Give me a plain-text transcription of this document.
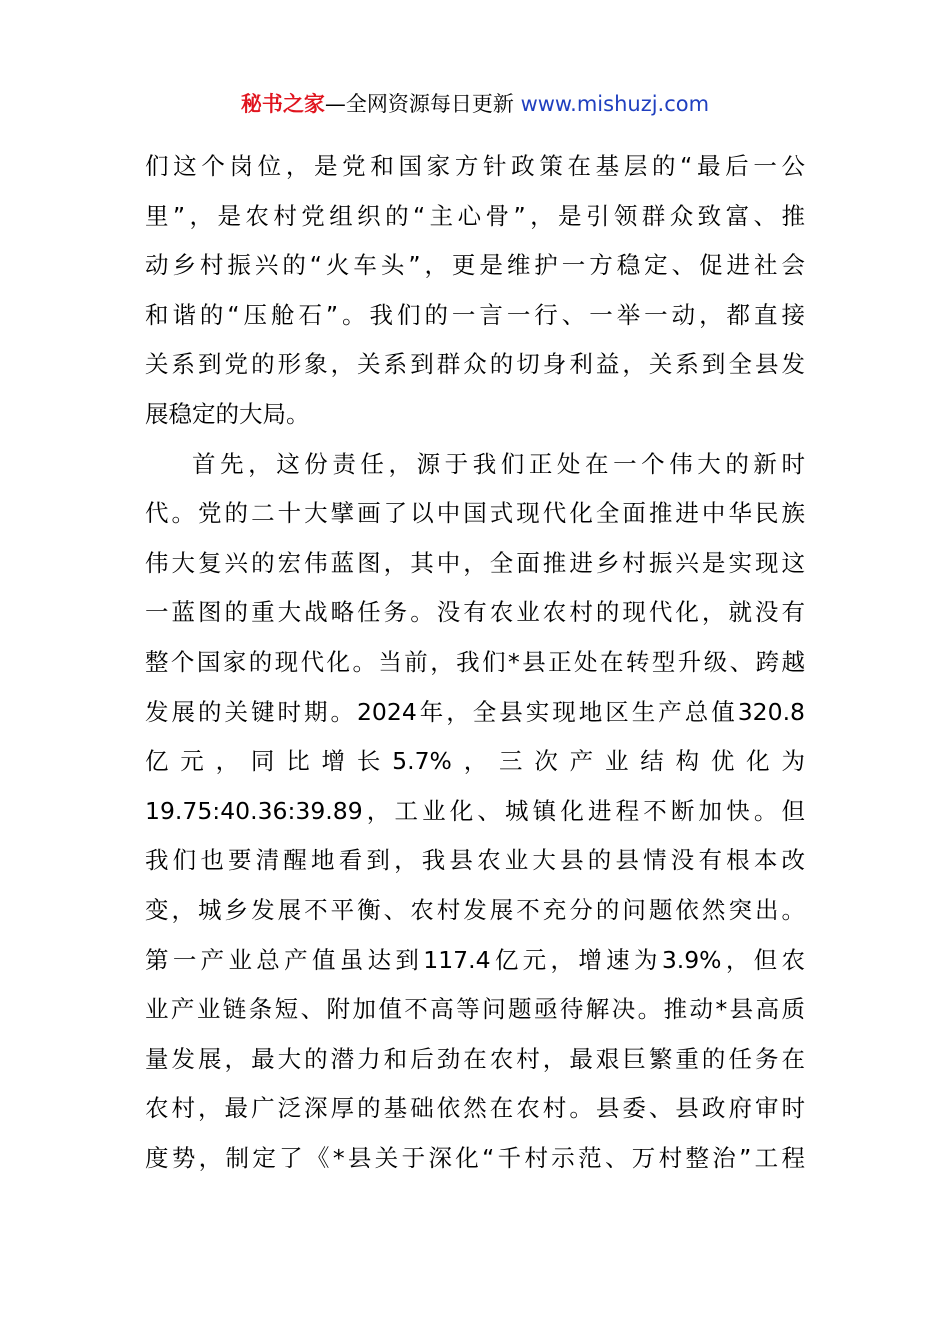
秘书之家—全网资源每日更新 www.mishuzj.com
们这个岗位，是党和国家方针政策在基层的“最后一公
里”，是农村党组织的“主心骨”，是引领群众致富、推
动乡村振兴的“火车头”，更是维护一方稳定、促进社会
和谐的“压舱石”。我们的一言一行、一举一动，都直接
关系到党的形象，关系到群众的切身利益，关系到全县发
展稳定的大局。
首先，这份责任，源于我们正处在一个伟大的新时
代。党的二十大擘画了以中国式现代化全面推进中华民族
伟大复兴的宏伟蓝图，其中，全面推进乡村振兴是实现这
一蓝图的重大战略任务。没有农业农村的现代化，就没有
整个国家的现代化。当前，我们*县正处在转型升级、跨越
发展的关键时期。2024年，全县实现地区生产总值320.8
亿元，同比增长5.7%，三次产业结构优化为
19.75:40.36:39.89，工业化、城镇化进程不断加快。但
我们也要清醒地看到，我县农业大县的县情没有根本改
变，城乡发展不平衡、农村发展不充分的问题依然突出。
第一产业总产值虽达到117.4亿元，增速为3.9%，但农
业产业链条短、附加值不高等问题亟待解决。推动*县高质
量发展，最大的潜力和后劲在农村，最艰巨繁重的任务在
农村，最广泛深厚的基础依然在农村。县委、县政府审时
度势，制定了《*县关于深化“千村示范、万村整治”工程
